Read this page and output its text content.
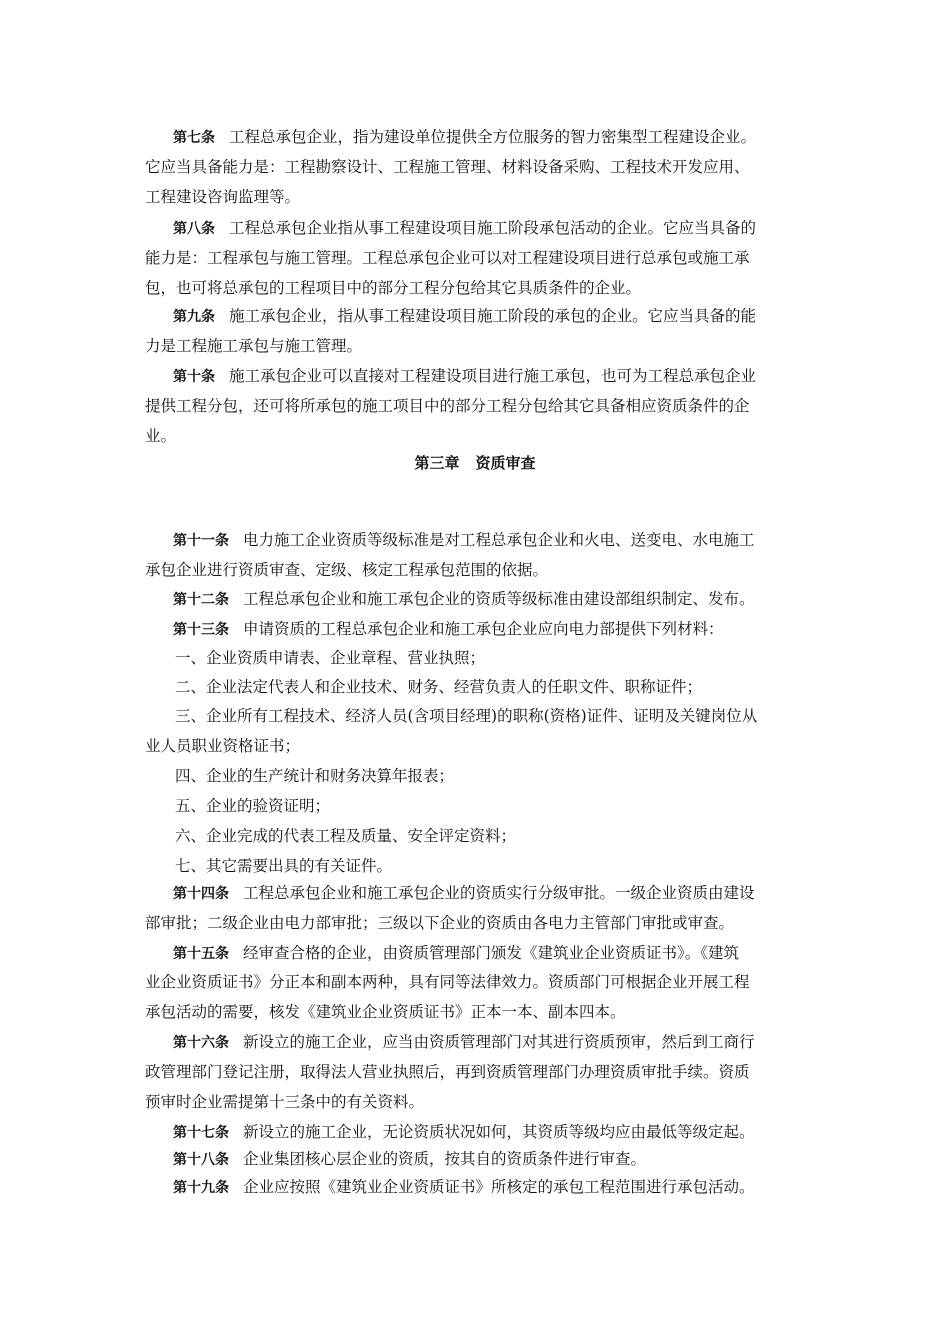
第三章 资质审查
第七条 工程总承包企业，指为建设单位提供全方位服务的智力密集型工程建设企业。
它应当具备能力是：工程勘察设计、工程施工管理、材料设备采购、工程技术开发应用、
工程建设咨询监理等。
第八条 工程总承包企业指从事工程建设项目施工阶段承包活动的企业。它应当具备的
能力是：工程承包与施工管理。工程总承包企业可以对工程建设项目进行总承包或施工承
包，也可将总承包的工程项目中的部分工程分包给其它具质条件的企业。
第九条 施工承包企业，指从事工程建设项目施工阶段的承包的企业。它应当具备的能
力是工程施工承包与施工管理。
第十条 施工承包企业可以直接对工程建设项目进行施工承包，也可为工程总承包企业
提供工程分包，还可将所承包的施工项目中的部分工程分包给其它具备相应资质条件的企
业。
第十一条 电力施工企业资质等级标准是对工程总承包企业和火电、送变电、水电施工
承包企业进行资质审查、定级、核定工程承包范围的依据。
第十二条 工程总承包企业和施工承包企业的资质等级标准由建设部组织制定、发布。
第十三条 申请资质的工程总承包企业和施工承包企业应向电力部提供下列材料：
一、企业资质申请表、企业章程、营业执照；
二、企业法定代表人和企业技术、财务、经营负责人的任职文件、职称证件；
三、企业所有工程技术、经济人员(含项目经理)的职称(资格)证件、证明及关键岗位从
业人员职业资格证书；
四、企业的生产统计和财务决算年报表；
五、企业的验资证明；
六、企业完成的代表工程及质量、安全评定资料；
七、其它需要出具的有关证件。
第十四条 工程总承包企业和施工承包企业的资质实行分级审批。一级企业资质由建设
部审批；二级企业由电力部审批；三级以下企业的资质由各电力主管部门审批或审查。
第十五条 经审查合格的企业，由资质管理部门颁发《建筑业企业资质证书》。《建筑
业企业资质证书》分正本和副本两种，具有同等法律效力。资质部门可根据企业开展工程
承包活动的需要，核发《建筑业企业资质证书》正本一本、副本四本。
第十六条 新设立的施工企业，应当由资质管理部门对其进行资质预审，然后到工商行
政管理部门登记注册，取得法人营业执照后，再到资质管理部门办理资质审批手续。资质
预审时企业需提第十三条中的有关资料。
第十七条 新设立的施工企业，无论资质状况如何，其资质等级均应由最低等级定起。
第十八条 企业集团核心层企业的资质，按其自的资质条件进行审查。
第十九条 企业应按照《建筑业企业资质证书》所核定的承包工程范围进行承包活动。
